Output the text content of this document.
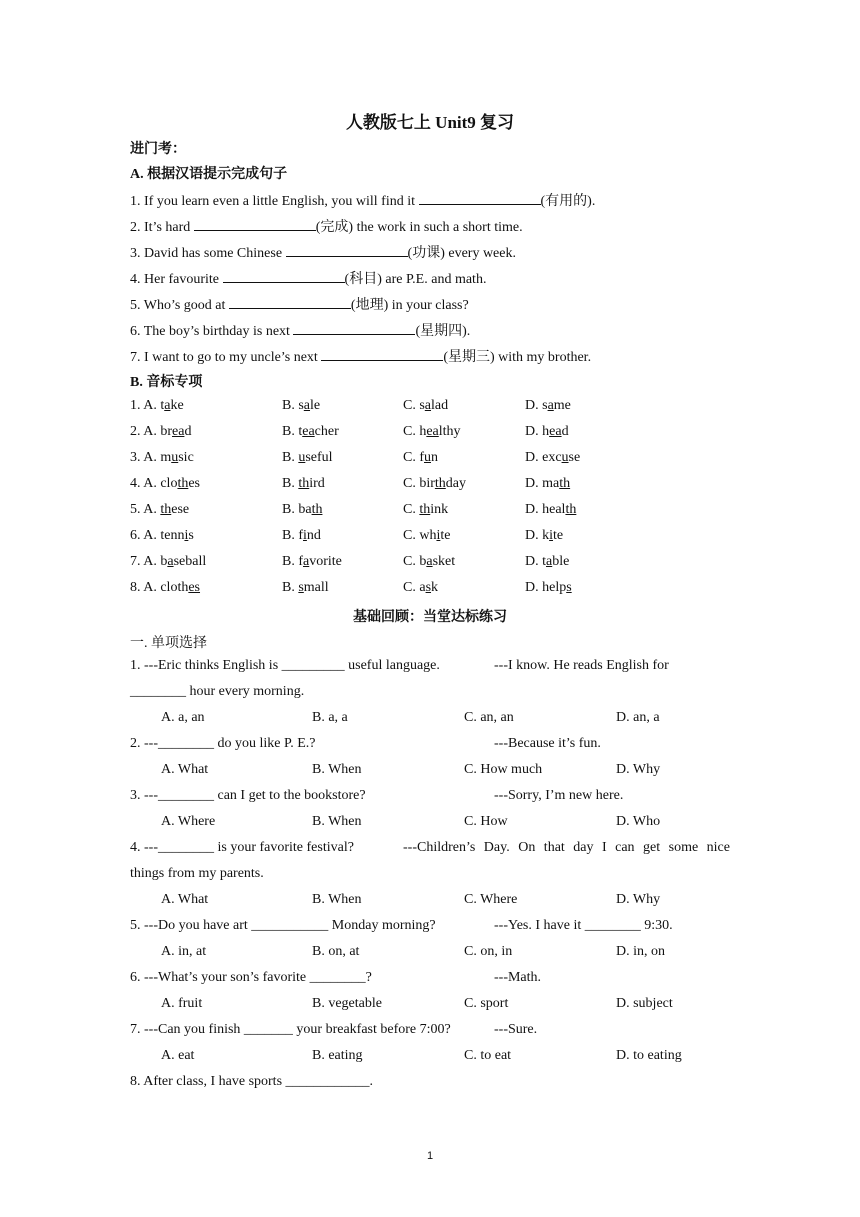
人教版七上 Unit9 复习
进门考：
A. 根据汉语提示完成句子
1. If you learn even a little English, you will find it	(有用的).
2. It’s hard	(完成) the work in such a short time.
3. David has some Chinese	(功课) every week.
4. Her favourite	(科目) are P.E. and math.
5. Who’s good at	(地理) in your class?
6. The boy’s birthday is next	(星期四).
7. I want to go to my uncle’s next	(星期三) with my brother.
B. 音标专项
1. A. take	B. sale	C. salad	D. same
2. A. bread	B. teacher	C. healthy	D. head
3. A. music	B. useful	C. fun	D. excuse
4. A. clothes	B. third	C. birthday	D. math
5. A. these	B. bath	C. think	D. health
6. A. tennis	B. find	C. white	D. kite
7. A. baseball	B. favorite	C. basket	D. table
8. A. clothes	B. small	C. ask	D. helps
基础回顾：当堂达标练习
一. 单项选择
1. ---Eric thinks English is _________ useful language.	---I know. He reads English for
________ hour every morning.
A. a, an	B. a, a	C. an, an	D. an, a
2. ---________ do you like P. E.?	---Because it’s fun.
A. What	B. When	C. How much	D. Why
3. ---________ can I get to the bookstore?	---Sorry, I’m new here.
A. Where	B. When	C. How	D. Who
4. ---________ is your favorite festival?	---Children’s Day. On that day I can get some nice
things from my parents.
A. What	B. When	C. Where	D. Why
5. ---Do you have art ___________ Monday morning?	---Yes. I have it ________ 9:30.
A. in, at	B. on, at	C. on, in	D. in, on
6. ---What’s your son’s favorite ________?	---Math.
A. fruit	B. vegetable	C. sport	D. subject
7. ---Can you finish _______ your breakfast before 7:00?	---Sure.
A. eat	B. eating	C. to eat	D. to eating
8. After class, I have sports ____________.
1
